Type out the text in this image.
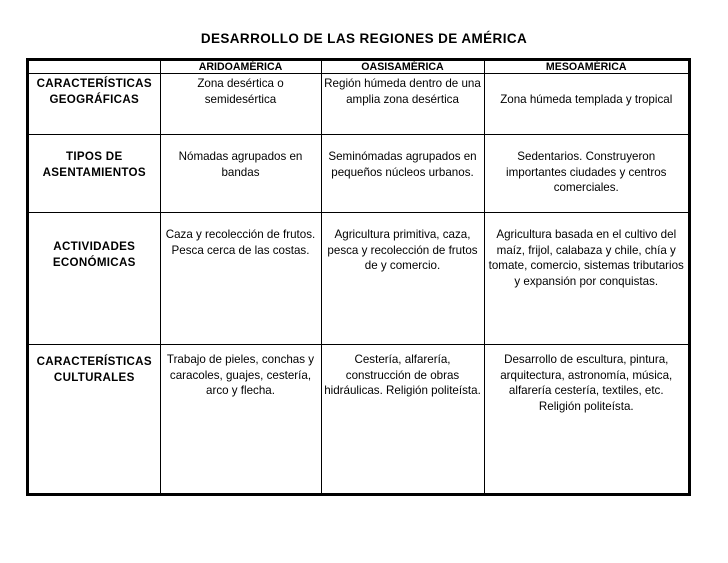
DESARROLLO DE LAS REGIONES DE AMÉRICA
	ARIDOAMÉRICA	OASISAMÉRICA	MESOAMÉRICA
CARACTERÍSTICAS GEOGRÁFICAS	Zona desértica o semidesértica	Región húmeda dentro de una amplia zona desértica	Zona húmeda templada y tropical
TIPOS DE ASENTAMIENTOS	Nómadas agrupados en bandas	Seminómadas agrupados en pequeños núcleos urbanos.	Sedentarios. Construyeron importantes ciudades y centros comerciales.
ACTIVIDADES ECONÓMICAS	Caza y recolección de frutos. Pesca cerca de las costas.	Agricultura primitiva, caza, pesca y recolección de frutos de y comercio.	Agricultura basada en el cultivo del maíz, frijol, calabaza y chile, chía y tomate, comercio, sistemas tributarios y expansión por conquistas.
CARACTERÍSTICAS CULTURALES	Trabajo de pieles, conchas y caracoles, guajes, cestería, arco y flecha.	Cestería, alfarería, construcción de obras hidráulicas. Religión politeísta.	Desarrollo de escultura, pintura, arquitectura, astronomía, música, alfarería cestería, textiles, etc. Religión politeísta.
